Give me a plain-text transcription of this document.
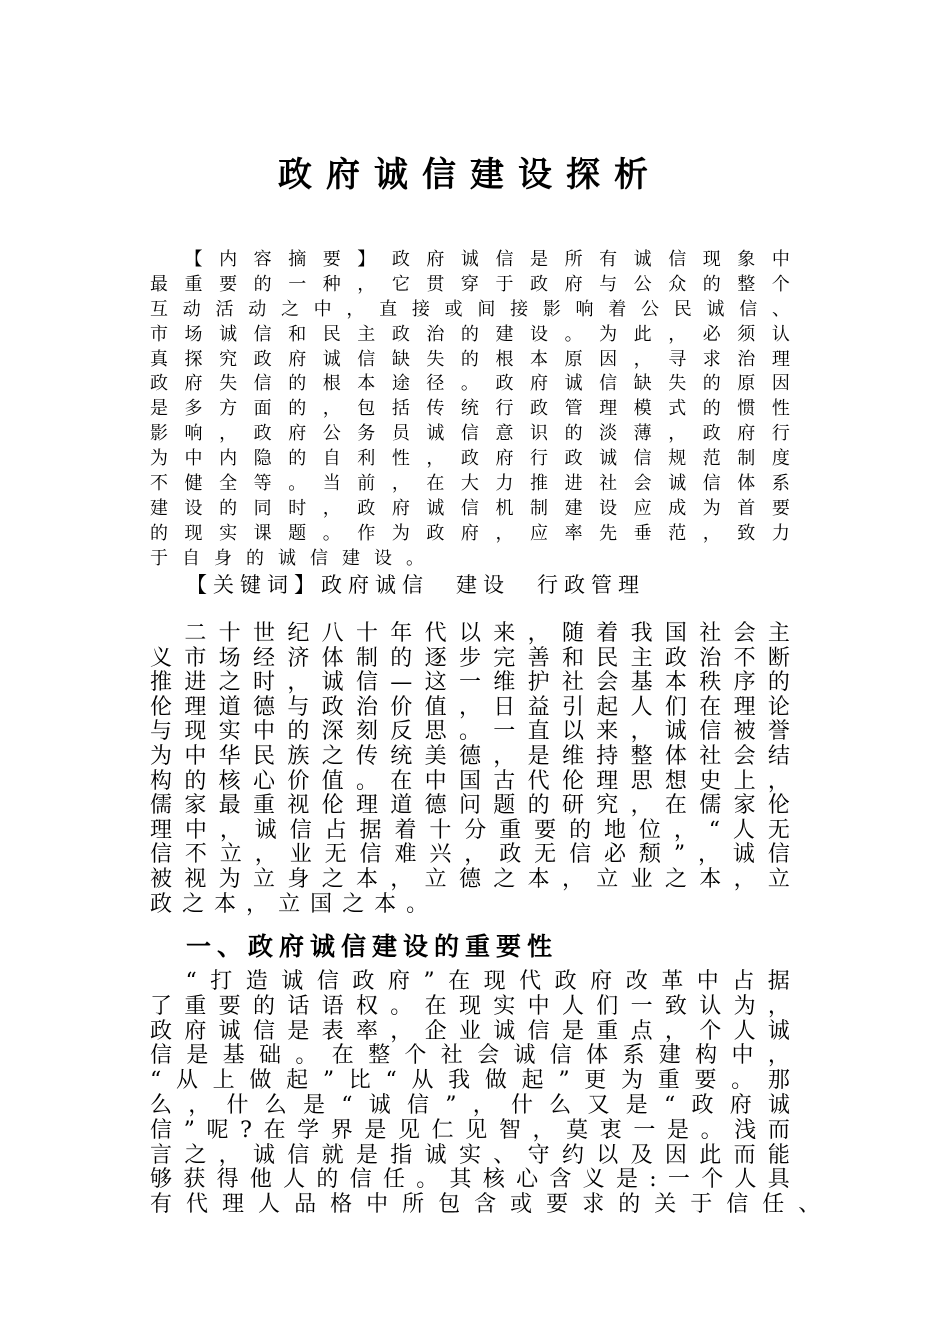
政府诚信建设探析

【 内 容 摘 要 】 政 府 诚 信 是 所 有 诚 信 现 象 中
最 重 要 的 一 种 ， 它 贯 穿 于 政 府 与 公 众 的 整 个
互 动 活 动 之 中 ， 直 接 或 间 接 影 响 着 公 民 诚 信 、
市 场 诚 信 和 民 主 政 治 的 建 设 。 为 此 ， 必 须 认
真 探 究 政 府 诚 信 缺 失 的 根 本 原 因 ， 寻 求 治 理
政 府 失 信 的 根 本 途 径 。 政 府 诚 信 缺 失 的 原 因
是 多 方 面 的 ， 包 括 传 统 行 政 管 理 模 式 的 惯 性
影 响 ， 政 府 公 务 员 诚 信 意 识 的 淡 薄 ， 政 府 行
为 中 内 隐 的 自 利 性 ， 政 府 行 政 诚 信 规 范 制 度
不 健 全 等 。 当 前 ， 在 大 力 推 进 社 会 诚 信 体 系
建 设 的 同 时 ， 政 府 诚 信 机 制 建 设 应 成 为 首 要
的 现 实 课 题 。 作 为 政 府 ， 应 率 先 垂 范 ， 致 力
于 自 身 的 诚 信 建 设 。
【关键词】政府诚信　建设　行政管理

二 十 世 纪 八 十 年 代 以 来 ， 随 着 我 国 社 会 主
义 市 场 经 济 体 制 的 逐 步 完 善 和 民 主 政 治 不 断
推 进 之 时 ， 诚 信 — 这 一 维 护 社 会 基 本 秩 序 的
伦 理 道 德 与 政 治 价 值 ， 日 益 引 起 人 们 在 理 论
与 现 实 中 的 深 刻 反 思 。 一 直 以 来 ， 诚 信 被 誉
为 中 华 民 族 之 传 统 美 德 ， 是 维 持 整 体 社 会 结
构 的 核 心 价 值 。 在 中 国 古 代 伦 理 思 想 史 上 ，
儒 家 最 重 视 伦 理 道 德 问 题 的 研 究 ， 在 儒 家 伦
理 中 ， 诚 信 占 据 着 十 分 重 要 的 地 位 ， “ 人 无
信 不 立 ， 业 无 信 难 兴 ， 政 无 信 必 颓 ” ， 诚 信
被 视 为 立 身 之 本 ， 立 德 之 本 ， 立 业 之 本 ， 立
政 之 本 ， 立 国 之 本 。
一、政府诚信建设的重要性

“ 打 造 诚 信 政 府 ” 在 现 代 政 府 改 革 中 占 据
了 重 要 的 话 语 权 。 在 现 实 中 人 们 一 致 认 为 ，
政 府 诚 信 是 表 率 ， 企 业 诚 信 是 重 点 ， 个 人 诚
信 是 基 础 。 在 整 个 社 会 诚 信 体 系 建 构 中 ，
“ 从 上 做 起 ” 比 “ 从 我 做 起 ” 更 为 重 要 。 那
么 ， 什 么 是 “ 诚 信 ” ， 什 么 又 是 “ 政 府 诚
信 ” 呢 ? 在 学 界 是 见 仁 见 智 ， 莫 衷 一 是 。 浅 而
言 之 ， 诚 信 就 是 指 诚 实 、 守 约 以 及 因 此 而 能
够 获 得 他 人 的 信 任 。 其 核 心 含 义 是 : 一 个 人 具
有 代 理 人 品 格 中 所 包 含 或 要 求 的 关 于 信 任 、
